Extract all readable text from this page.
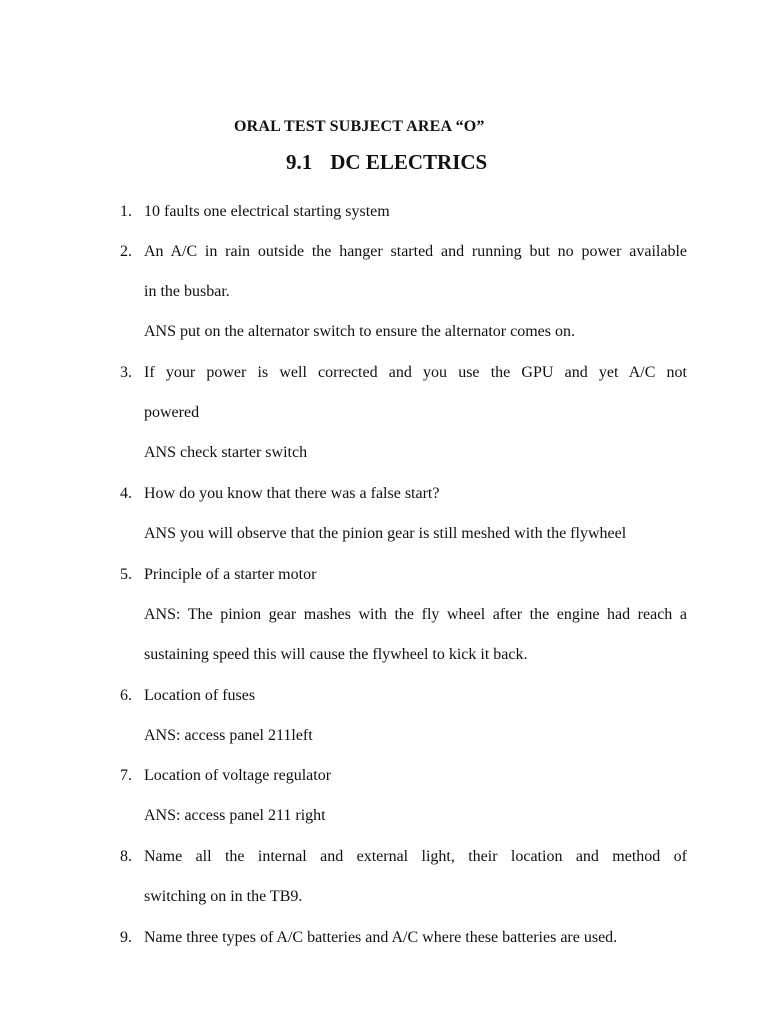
ORAL TEST SUBJECT AREA “O”
9.1 DC ELECTRICS
1. 10 faults one electrical starting system
2. An A/C in rain outside the hanger started and running but no power available
in the busbar.
ANS put on the alternator switch to ensure the alternator comes on.
3. If your power is well corrected and you use the GPU and yet A/C not
powered
ANS check starter switch
4. How do you know that there was a false start?
ANS you will observe that the pinion gear is still meshed with the flywheel
5. Principle of a starter motor
ANS: The pinion gear mashes with the fly wheel after the engine had reach a
sustaining speed this will cause the flywheel to kick it back.
6. Location of fuses
ANS: access panel 211left
7. Location of voltage regulator
ANS: access panel 211 right
8. Name all the internal and external light, their location and method of
switching on in the TB9.
9. Name three types of A/C batteries and A/C where these batteries are used.
